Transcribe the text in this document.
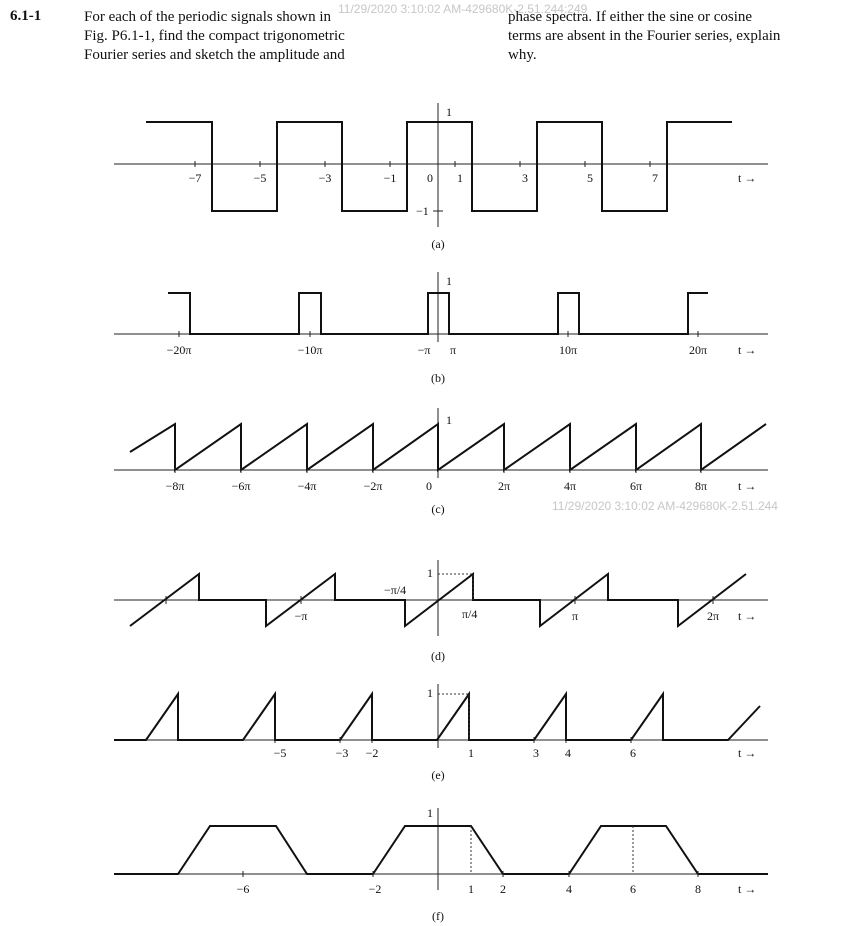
6.1-1	For each of the periodic signals shown in
Fig. P6.1-1, find the compact trigonometric
Fourier series and sketch the amplitude and
phase spectra. If either the sine or cosine
terms are absent in the Fourier series, explain
why.
11/29/2020 3:10:02 AM-429680K-2.51.244:249
1
−1
−7	−5	−3	−1	0 1	3	5	7	t →
(a)
1
−20π	−10π	−π π	10π	20π	t →
(b)
1
−8π	−6π	−4π	−2π	0	2π	4π	6π	8π	t →
(c)
1
−π/4
π/4
−π	π	2π t →
(d)
1
−5	−3 −2	1	3 4	6	t →
(e)
1
−6	−2	1 2	4	6	8	t →
(f)
11/29/2020 3:10:02 AM-429680K-2.51.244
